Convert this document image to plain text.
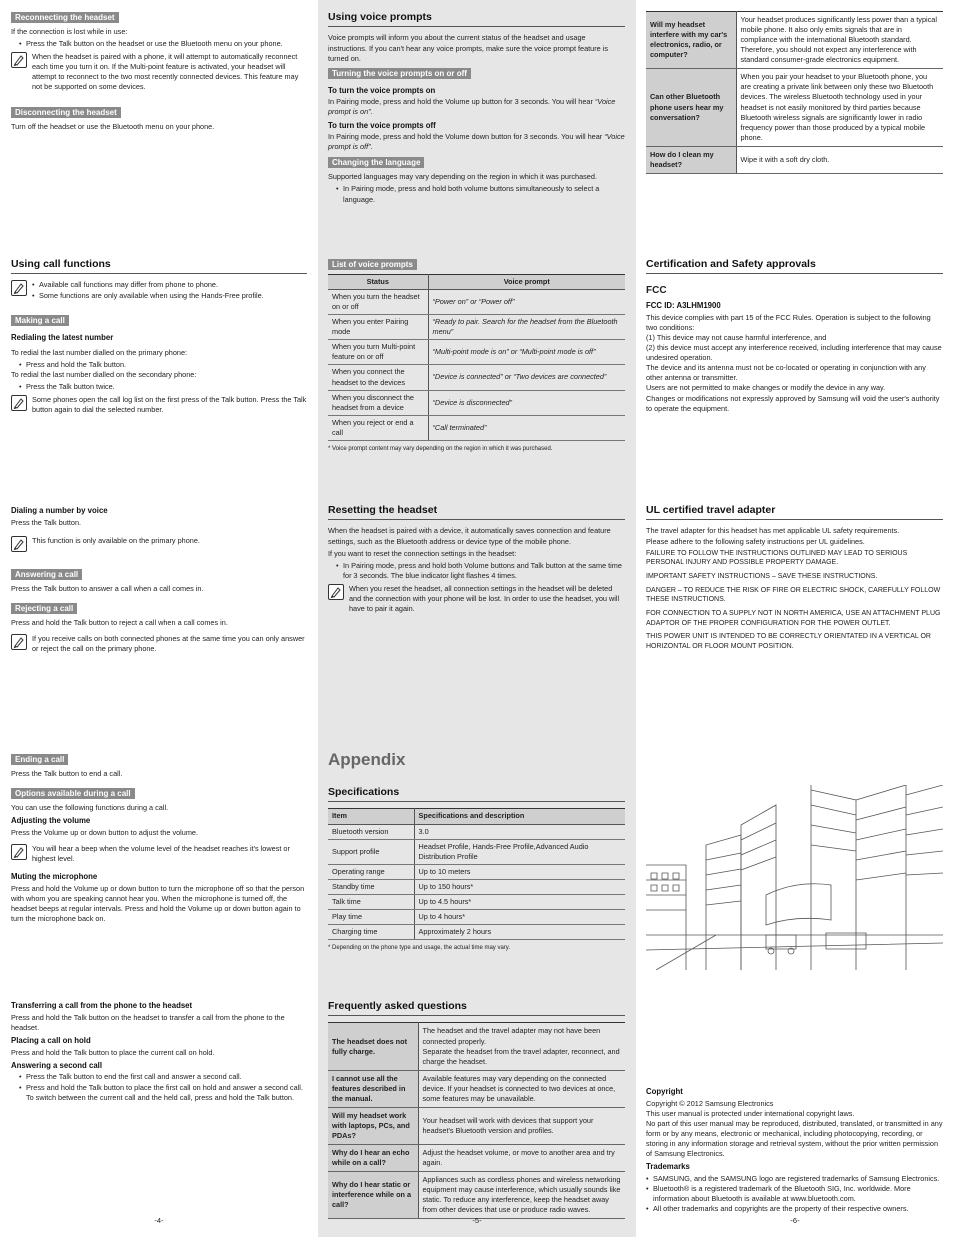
Reconnecting the headset
If the connection is lost while in use:
• Press the Talk button on the headset or use the Bluetooth menu on your phone.
When the headset is paired with a phone, it will attempt to automatically reconnect each time you turn it on. If the Multi-point feature is activated, your headset will attempt to reconnect to the two most recently connected devices. This feature may not be supported on some devices.
Disconnecting the headset
Turn off the headset or use the Bluetooth menu on your phone.
Using call functions
• Available call functions may differ from phone to phone.
• Some functions are only available when using the Hands-Free profile.
Making a call
Redialing the latest number
To redial the last number dialled on the primary phone:
• Press and hold the Talk button.
To redial the last number dialled on the secondary phone:
• Press the Talk button twice.
Some phones open the call log list on the first press of the Talk button. Press the Talk button again to dial the selected number.
Dialing a number by voice
Press the Talk button.
This function is only available on the primary phone.
Answering a call
Press the Talk button to answer a call when a call comes in.
Rejecting a call
Press and hold the Talk button to reject a call when a call comes in.
If you receive calls on both connected phones at the same time you can only answer or reject the call on the primary phone.
Ending a call
Press the Talk button to end a call.
Options available during a call
You can use the following functions during a call.
Adjusting the volume
Press the Volume up or down button to adjust the volume.
You will hear a beep when the volume level of the headset reaches it's lowest or highest level.
Muting the microphone
Press and hold the Volume up or down button to turn the microphone off so that the person with whom you are speaking cannot hear you. When the microphone is turned off, the headset beeps at regular intervals. Press and hold the Volume up or down button again to turn the microphone back on.
Transferring a call from the phone to the headset
Press and hold the Talk button on the headset to transfer a call from the phone to the headset.
Placing a call on hold
Press and hold the Talk button to place the current call on hold.
Answering a second call
• Press the Talk button to end the first call and answer a second call.
• Press and hold the Talk button to place the first call on hold and answer a second call. To switch between the current call and the held call, press and hold the Talk button.
-4-
Using voice prompts
Voice prompts will inform you about the current status of the headset and usage instructions. If you can't hear any voice prompts, make sure the voice prompt feature is turned on.
Turning the voice prompts on or off
To turn the voice prompts on
In Pairing mode, press and hold the Volume up button for 3 seconds. You will hear “Voice prompt is on”.
To turn the voice prompts off
In Pairing mode, press and hold the Volume down button for 3 seconds. You will hear “Voice prompt is off”.
Changing the language
Supported languages may vary depending on the region in which it was purchased.
• In Pairing mode, press and hold both volume buttons simultaneously to select a language.
List of voice prompts
Status	Voice prompt
When you turn the headset on or off	“Power on” or “Power off”
When you enter Pairing mode	“Ready to pair. Search for the headset from the Bluetooth menu”
When you turn Multi-point feature on or off	“Multi-point mode is on” or “Multi-point mode is off”
When you connect the headset to the devices	“Device is connected” or “Two devices are connected”
When you disconnect the headset from a device	“Device is disconnected”
When you reject or end a call	“Call terminated”
* Voice prompt content may vary depending on the region in which it was purchased.
Resetting the headset
When the headset is paired with a device, it automatically saves connection and feature settings, such as the Bluetooth address or device type of the mobile phone.
If you want to reset the connection settings in the headset:
• In Pairing mode, press and hold both Volume buttons and Talk button at the same time for 3 seconds. The blue indicator light flashes 4 times.
When you reset the headset, all connection settings in the headset will be deleted and the connection with your phone will be lost. In order to use the headset, you will have to pair it again.
Appendix
Specifications
Item	Specifications and description
Bluetooth version	3.0
Support profile	Headset Profile, Hands-Free Profile,Advanced Audio Distribution Profile
Operating range	Up to 10 meters
Standby time	Up to 150 hours*
Talk time	Up to 4.5 hours*
Play time	Up to 4 hours*
Charging time	Approximately 2 hours
* Depending on the phone type and usage, the actual time may vary.
Frequently asked questions
The headset does not fully charge.	The headset and the travel adapter may not have been connected properly.
Separate the headset from the travel adapter, reconnect, and charge the headset.

I cannot use all the features described in the manual.	Available features may vary depending on the connected device. If your headset is connected to two devices at once, some features may be unavailable.
Will my headset work with laptops, PCs, and PDAs?	Your headset will work with devices that support your headset's Bluetooth version and profiles.
Why do I hear an echo while on a call?	Adjust the headset volume, or move to another area and try again.
Why do I hear static or interference while on a call?	Appliances such as cordless phones and wireless networking equipment may cause interference, which usually sounds like static. To reduce any interference, keep the headset away from other devices that use or produce radio waves.
-5-
Will my headset interfere with my car's electronics, radio, or computer?	Your headset produces significantly less power than a typical mobile phone. It also only emits signals that are in compliance with the international Bluetooth standard. Therefore, you should not expect any interference with standard consumer-grade electronics equipment.
Can other Bluetooth phone users hear my conversation?	When you pair your headset to your Bluetooth phone, you are creating a private link between only these two Bluetooth devices. The wireless Bluetooth technology used in your headset is not easily monitored by third parties because Bluetooth wireless signals are significantly lower in radio frequency power than those produced by a typical mobile phone.
How do I clean my headset?	Wipe it with a soft dry cloth.
Certification and Safety approvals
FCC
FCC ID: A3LHM1900
This device complies with part 15 of the FCC Rules. Operation is subject to the following two conditions:
(1) This device may not cause harmful interference, and
(2) this device must accept any interference received, including interference that may cause undesired operation.
The device and its antenna must not be co-located or operating in conjunction with any other antenna or transmitter.
Users are not permitted to make changes or modify the device in any way.
Changes or modifications not expressly approved by Samsung will void the user's authority to operate the equipment.
UL certified travel adapter
The travel adapter for this headset has met applicable UL safety requirements.
Please adhere to the following safety instructions per UL guidelines.
FAILURE TO FOLLOW THE INSTRUCTIONS OUTLINED MAY LEAD TO SERIOUS PERSONAL INJURY AND POSSIBLE PROPERTY DAMAGE.
IMPORTANT SAFETY INSTRUCTIONS – SAVE THESE INSTRUCTIONS.
DANGER – TO REDUCE THE RISK OF FIRE OR ELECTRIC SHOCK, CAREFULLY FOLLOW THESE INSTRUCTIONS.
FOR CONNECTION TO A SUPPLY NOT IN NORTH AMERICA, USE AN ATTACHMENT PLUG ADAPTOR OF THE PROPER CONFIGURATION FOR THE POWER OUTLET.
THIS POWER UNIT IS INTENDED TO BE CORRECTLY ORIENTATED IN A VERTICAL OR HORIZONTAL OR FLOOR MOUNT POSITION.
Copyright
Copyright © 2012 Samsung Electronics
This user manual is protected under international copyright laws.
No part of this user manual may be reproduced, distributed, translated, or transmitted in any form or by any means, electronic or mechanical, including photocopying, recording, or storing in any information storage and retrieval system, without the prior written permission of Samsung Electronics.
Trademarks
• SAMSUNG, and the SAMSUNG logo are registered trademarks of Samsung Electronics.
• Bluetooth® is a registered trademark of the Bluetooth SIG, Inc. worldwide. More information about Bluetooth is available at www.bluetooth.com.
• All other trademarks and copyrights are the property of their respective owners.
-6-
